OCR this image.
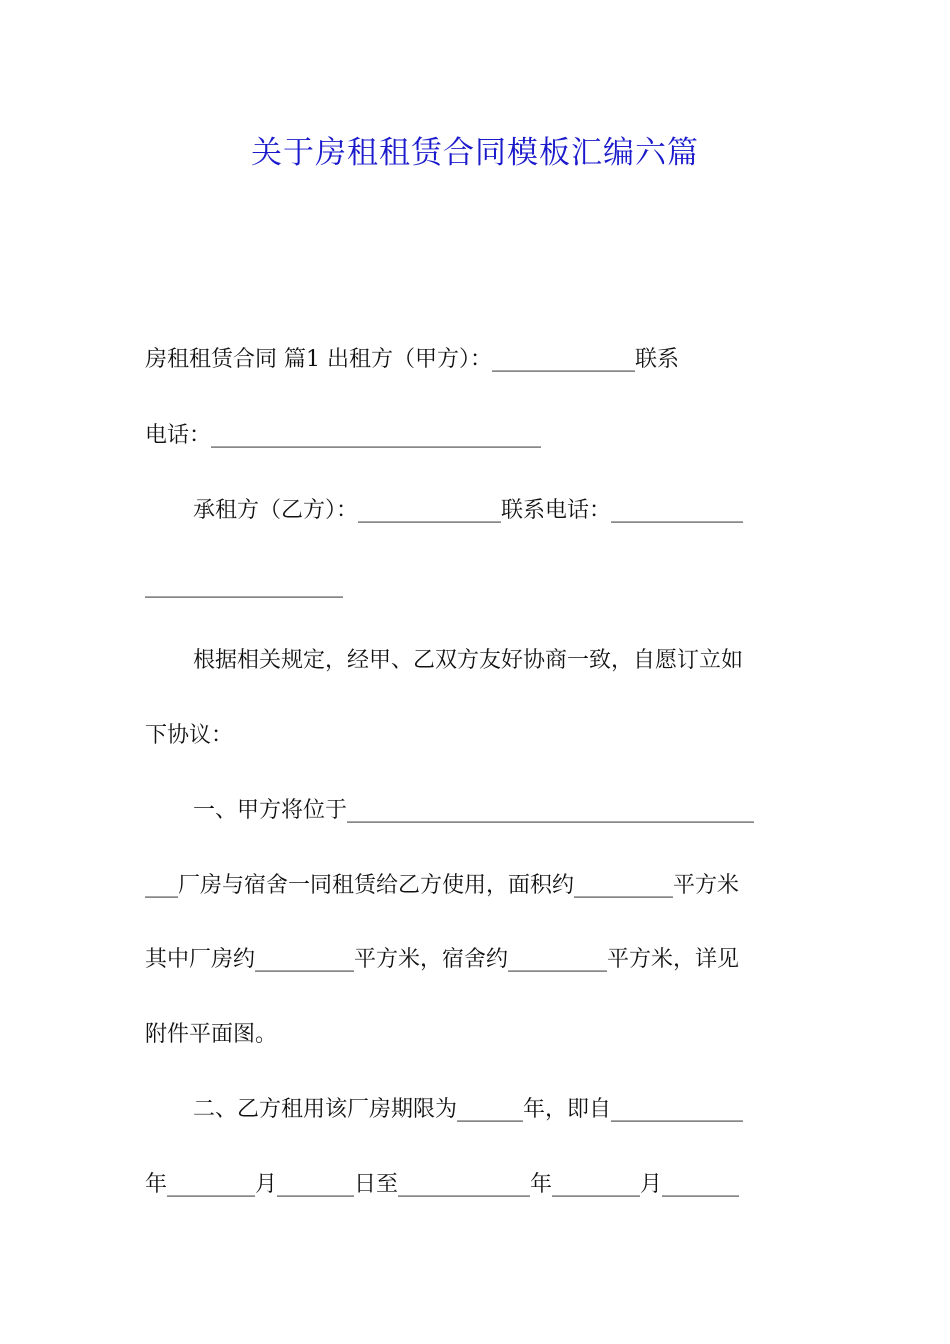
关于房租租赁合同模板汇编六篇
房租租赁合同 篇1 出租方（甲方）：_____________联系
电话：______________________________
承租方（乙方）：_____________联系电话：____________
__________________
根据相关规定，经甲、乙双方友好协商一致，自愿订立如
下协议：
一、甲方将位于_____________________________________
___厂房与宿舍一同租赁给乙方使用，面积约_________平方米
其中厂房约_________平方米，宿舍约_________平方米，详见
附件平面图。
二、乙方租用该厂房期限为______年，即自____________
年________月_______日至____________年________月_______
